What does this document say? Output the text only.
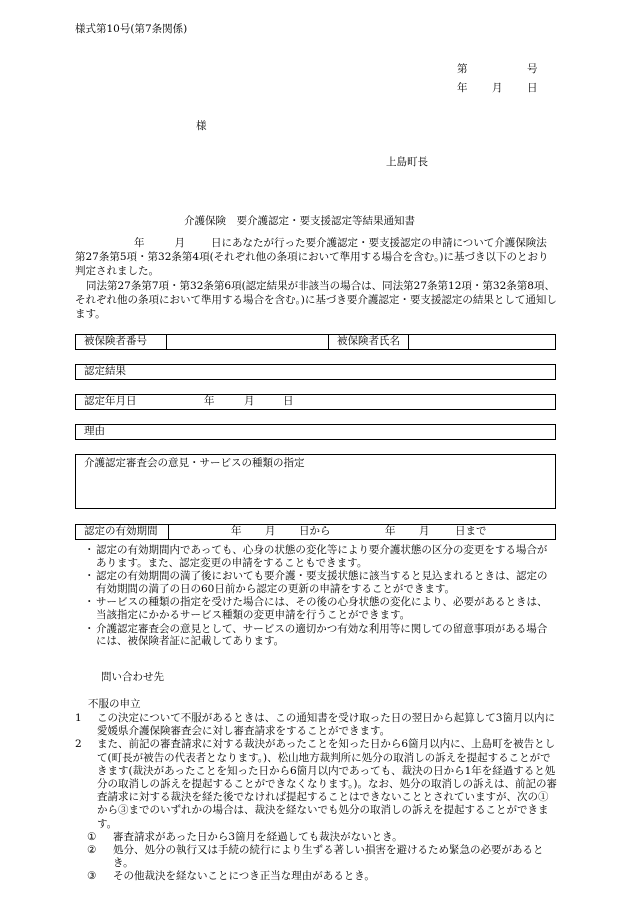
様式第10号(第7条関係)
第	号
年 月 日
様
上島町長
介護保険　要介護認定・要支援認定等結果通知書
年	月 日にあなたが行った要介護認定・要支援認定の申請について介護保険法第27条第5項・第32条第4項(それぞれ他の条項において準用する場合を含む。)に基づき以下のとおり判定されました。
同法第27条第7項・第32条第6項(認定結果が非該当の場合は、同法第27条第12項・第32条第8項、それぞれ他の条項において準用する場合を含む。)に基づき要介護認定・要支援認定の結果として通知します。
被保険者番号	被保険者氏名
認定結果
認定年月日	年	月	日
理由
介護認定審査会の意見・サービスの種類の指定
認定の有効期間	年 月 日から	年 月 日まで
・ 認定の有効期間内であっても、心身の状態の変化等により要介護状態の区分の変更をする場合があります。また、認定変更の申請をすることもできます。
・ 認定の有効期間の満了後においても要介護・要支援状態に該当すると見込まれるときは、認定の有効期間の満了の日の60日前から認定の更新の申請をすることができます。
・ サービスの種類の指定を受けた場合には、その後の心身状態の変化により、必要があるときは、当該指定にかかるサービス種類の変更申請を行うことができます。
・ 介護認定審査会の意見として、サービスの適切かつ有効な利用等に関しての留意事項がある場合には、被保険者証に記載してあります。
問い合わせ先
不服の申立
1 この決定について不服があるときは、この通知書を受け取った日の翌日から起算して3箇月以内に愛媛県介護保険審査会に対し審査請求をすることができます。
2 また、前記の審査請求に対する裁決があったことを知った日から6箇月以内に、上島町を被告として(町長が被告の代表者となります。)、松山地方裁判所に処分の取消しの訴えを提起することができます(裁決があったことを知った日から6箇月以内であっても、裁決の日から1年を経過すると処分の取消しの訴えを提起することができなくなります。)。なお、処分の取消しの訴えは、前記の審査請求に対する裁決を経た後でなければ提起することはできないこととされていますが、次の①から③までのいずれかの場合は、裁決を経ないでも処分の取消しの訴えを提起することができます。
① 審査請求があった日から3箇月を経過しても裁決がないとき。
② 処分、処分の執行又は手続の続行により生ずる著しい損害を避けるため緊急の必要があるとき。
③ その他裁決を経ないことにつき正当な理由があるとき。
